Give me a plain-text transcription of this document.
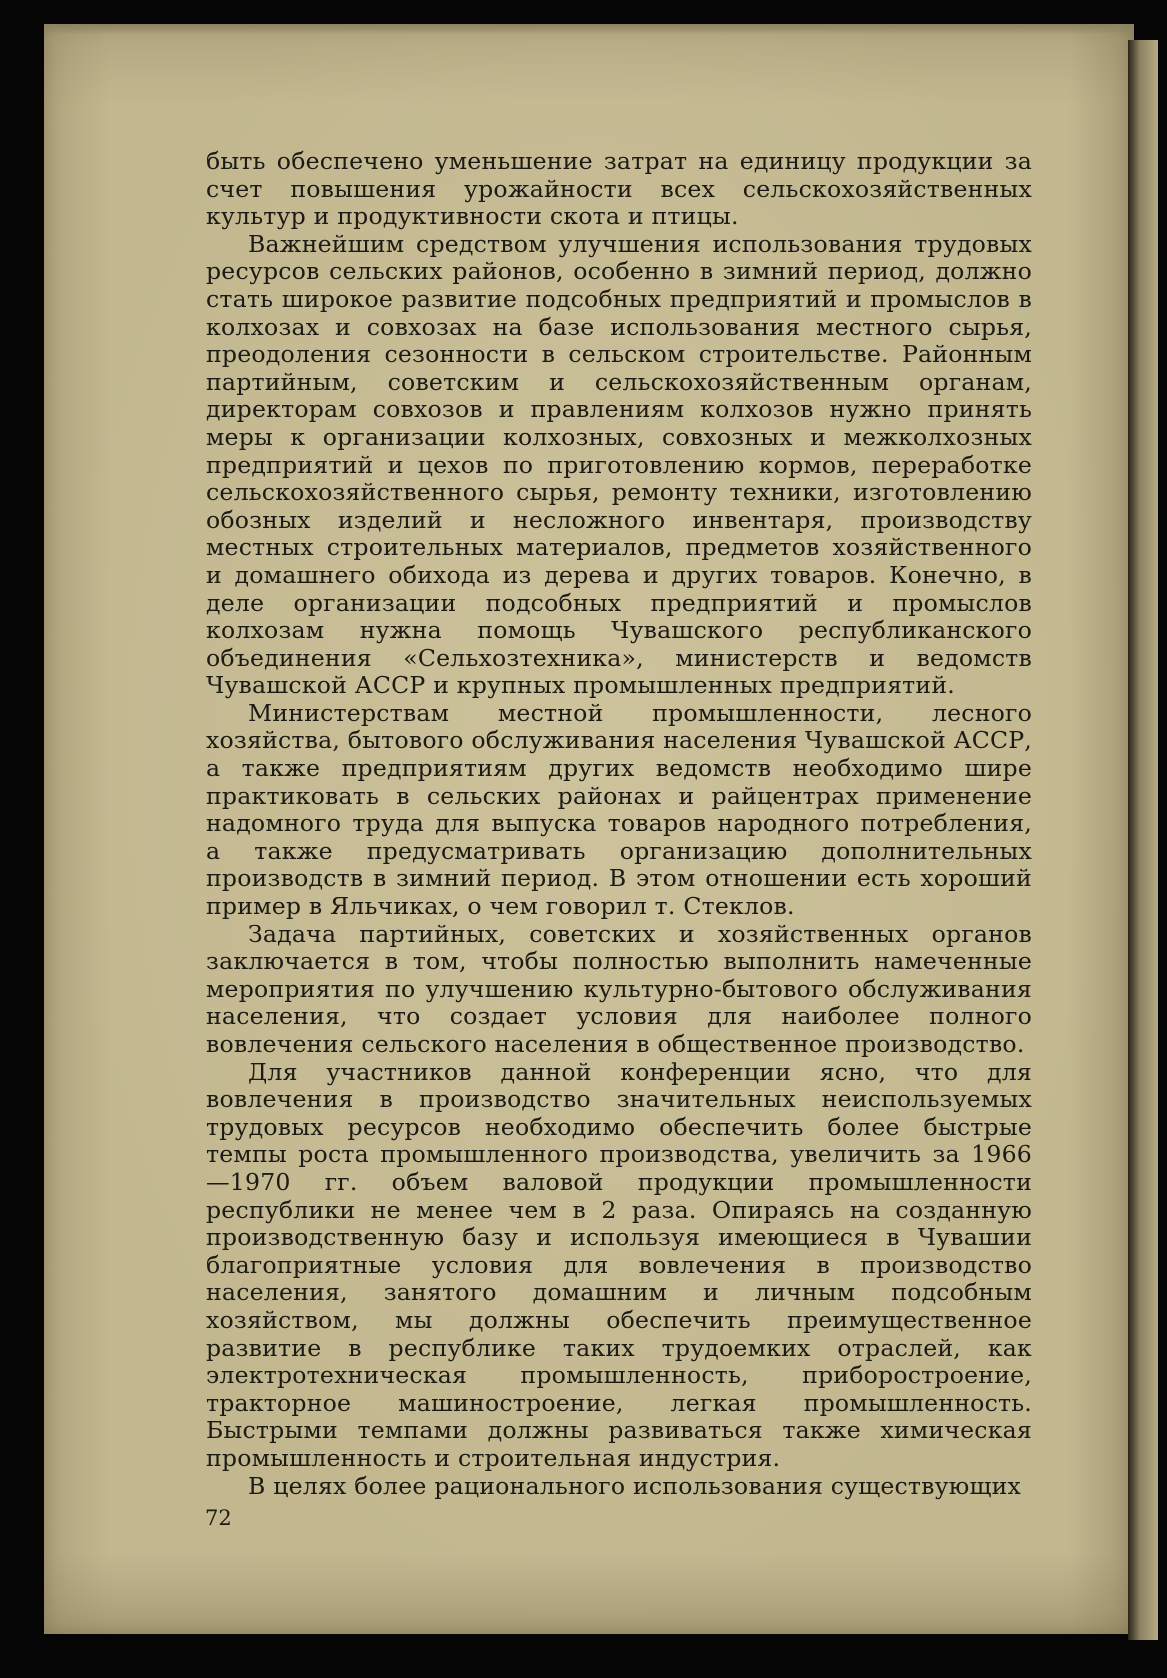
быть обеспечено уменьшение затрат на единицу продукции за счет повышения урожайности всех сельскохозяйственных культур и продуктивности скота и птицы.

Важнейшим средством улучшения использования трудовых ресурсов сельских районов, особенно в зимний период, должно стать широкое развитие подсобных предприятий и промыслов в колхозах и совхозах на базе использования местного сырья, преодоления сезонности в сельском строительстве. Районным партийным, советским и сельскохозяйственным органам, директорам совхозов и правлениям колхозов нужно принять меры к организации колхозных, совхозных и межколхозных предприятий и цехов по приготовлению кормов, переработке сельскохозяйственного сырья, ремонту техники, изготовлению обозных изделий и несложного инвентаря, производству местных строительных материалов, предметов хозяйственного и домашнего обихода из дерева и других товаров. Конечно, в деле организации подсобных предприятий и промыслов колхозам нужна помощь Чувашского республиканского объединения «Сельхозтехника», министерств и ведомств Чувашской АССР и крупных промышленных предприятий.

Министерствам местной промышленности, лесного хозяйства, бытового обслуживания населения Чувашской АССР, а также предприятиям других ведомств необходимо шире практиковать в сельских районах и райцентрах применение надомного труда для выпуска товаров народного потребления, а также предусматривать организацию дополнительных производств в зимний период. В этом отношении есть хороший пример в Яльчиках, о чем говорил т. Стеклов.

Задача партийных, советских и хозяйственных органов заключается в том, чтобы полностью выполнить намеченные мероприятия по улучшению культурно-бытового обслуживания населения, что создает условия для наиболее полного вовлечения сельского населения в общественное производство.

Для участников данной конференции ясно, что для вовлечения в производство значительных неиспользуемых трудовых ресурсов необходимо обеспечить более быстрые темпы роста промышленного производства, увеличить за 1966—1970 гг. объем валовой продукции промышленности республики не менее чем в 2 раза. Опираясь на созданную производственную базу и используя имеющиеся в Чувашии благоприятные условия для вовлечения в производство населения, занятого домашним и личным подсобным хозяйством, мы должны обеспечить преимущественное развитие в республике таких трудоемких отраслей, как электротехническая промышленность, приборостроение, тракторное машиностроение, легкая промышленность. Быстрыми темпами должны развиваться также химическая промышленность и строительная индустрия.

В целях более рационального использования существующих

72
